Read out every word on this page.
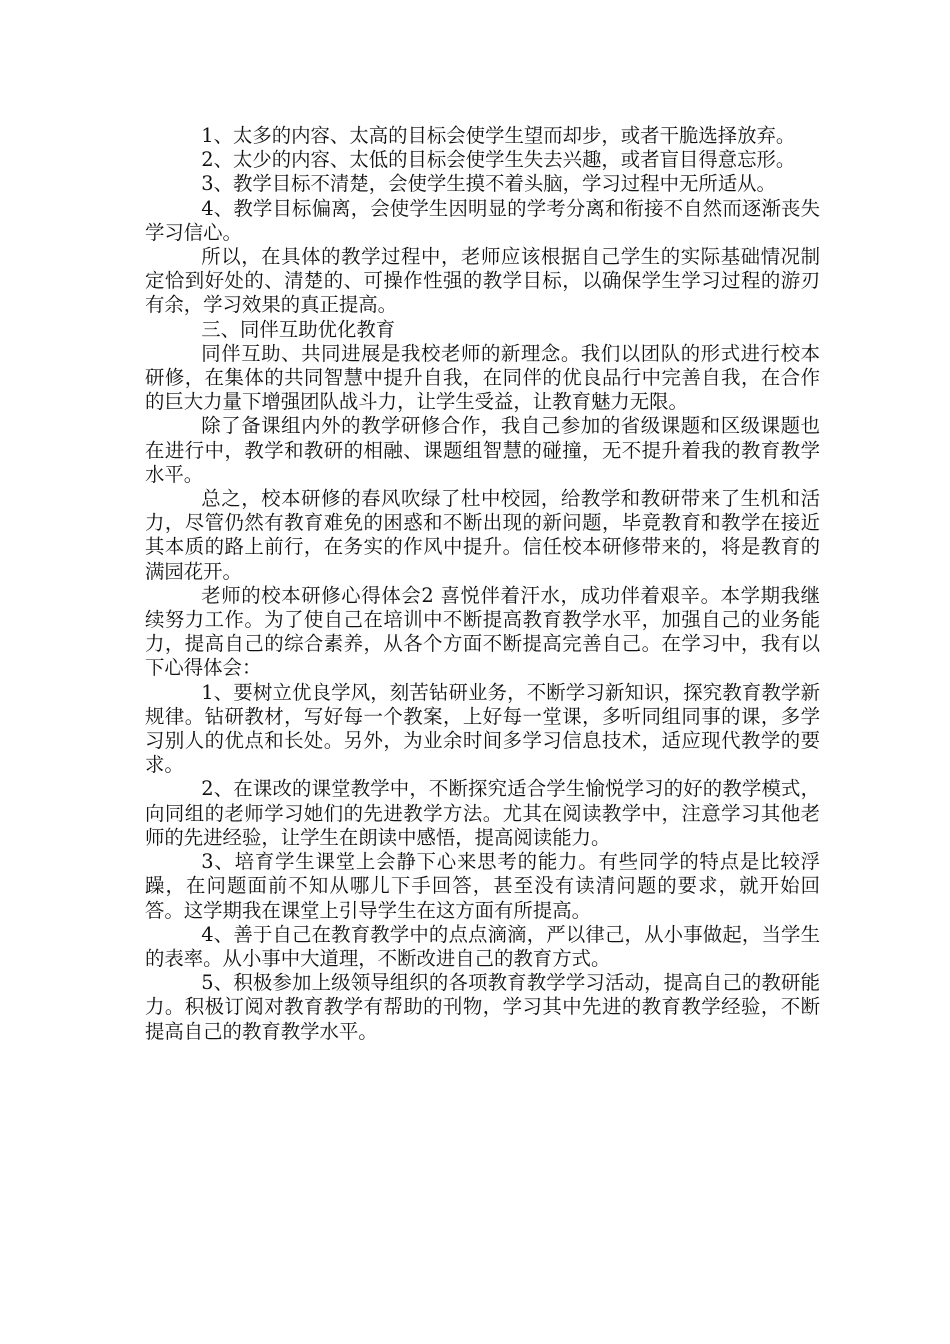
1、太多的内容、太高的目标会使学生望而却步，或者干脆选择放弃。

2、太少的内容、太低的目标会使学生失去兴趣，或者盲目得意忘形。

3、教学目标不清楚，会使学生摸不着头脑，学习过程中无所适从。

4、教学目标偏离，会使学生因明显的学考分离和衔接不自然而逐渐丧失学习信心。

所以，在具体的教学过程中，老师应该根据自己学生的实际基础情况制定恰到好处的、清楚的、可操作性强的教学目标，以确保学生学习过程的游刃有余，学习效果的真正提高。

三、同伴互助优化教育

同伴互助、共同进展是我校老师的新理念。我们以团队的形式进行校本研修，在集体的共同智慧中提升自我，在同伴的优良品行中完善自我，在合作的巨大力量下增强团队战斗力，让学生受益，让教育魅力无限。

除了备课组内外的教学研修合作，我自己参加的省级课题和区级课题也在进行中，教学和教研的相融、课题组智慧的碰撞，无不提升着我的教育教学水平。

总之，校本研修的春风吹绿了杜中校园，给教学和教研带来了生机和活力，尽管仍然有教育难免的困惑和不断出现的新问题，毕竟教育和教学在接近其本质的路上前行，在务实的作风中提升。信任校本研修带来的，将是教育的满园花开。

老师的校本研修心得体会2 喜悦伴着汗水，成功伴着艰辛。本学期我继续努力工作。为了使自己在培训中不断提高教育教学水平，加强自己的业务能力，提高自己的综合素养，从各个方面不断提高完善自己。在学习中，我有以下心得体会：

1、要树立优良学风，刻苦钻研业务，不断学习新知识，探究教育教学新规律。钻研教材，写好每一个教案，上好每一堂课，多听同组同事的课，多学习别人的优点和长处。另外，为业余时间多学习信息技术，适应现代教学的要求。

2、在课改的课堂教学中，不断探究适合学生愉悦学习的好的教学模式，向同组的老师学习她们的先进教学方法。尤其在阅读教学中，注意学习其他老师的先进经验，让学生在朗读中感悟，提高阅读能力。

3、培育学生课堂上会静下心来思考的能力。有些同学的特点是比较浮躁，在问题面前不知从哪儿下手回答，甚至没有读清问题的要求，就开始回答。这学期我在课堂上引导学生在这方面有所提高。

4、善于自己在教育教学中的点点滴滴，严以律己，从小事做起，当学生的表率。从小事中大道理，不断改进自己的教育方式。

5、积极参加上级领导组织的各项教育教学学习活动，提高自己的教研能力。积极订阅对教育教学有帮助的刊物，学习其中先进的教育教学经验，不断提高自己的教育教学水平。
